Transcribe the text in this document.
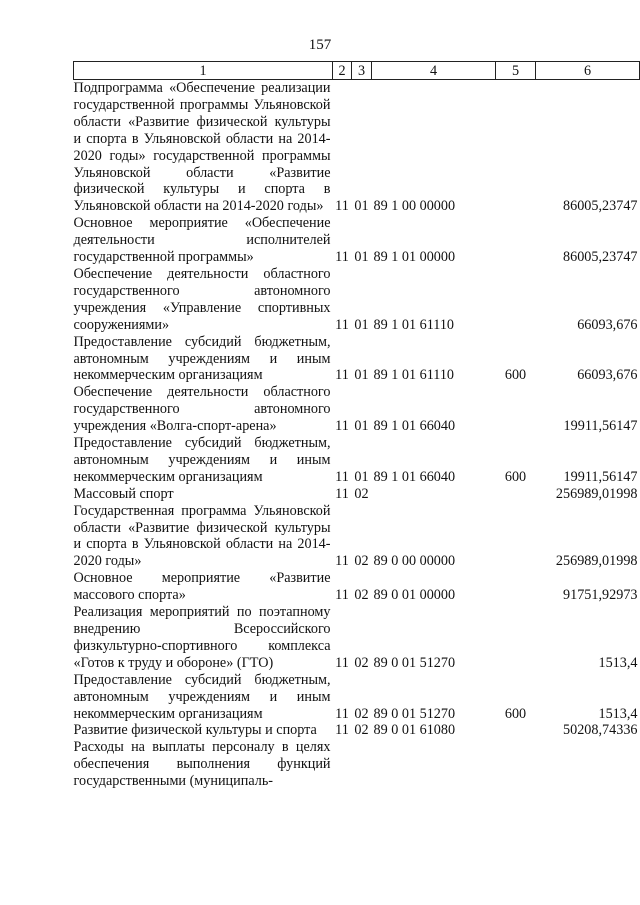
157
1	2	3	4	5	6
Подпрограмма «Обеспечение реализации государственной программы Ульяновской области «Развитие физической культуры и спорта в Ульяновской области на 2014-2020 годы» государственной программы Ульяновской области «Развитие физической культуры и спорта в Ульяновской области на 2014-2020 годы»	11	01	89 1 00 00000		86005,23747
Основное мероприятие «Обеспечение деятельности исполнителей государственной программы»	11	01	89 1 01 00000		86005,23747
Обеспечение деятельности областного государственного автономного учреждения «Управление спортивных сооружениями»	11	01	89 1 01 61110		66093,676
Предоставление субсидий бюджетным, автономным учреждениям и иным некоммерческим организациям	11	01	89 1 01 61110	600	66093,676
Обеспечение деятельности областного государственного автономного учреждения «Волга-спорт-арена»	11	01	89 1 01 66040		19911,56147
Предоставление субсидий бюджетным, автономным учреждениям и иным некоммерческим организациям	11	01	89 1 01 66040	600	19911,56147
Массовый спорт	11	02			256989,01998
Государственная программа Ульяновской области «Развитие физической культуры и спорта в Ульяновской области на 2014-2020 годы»	11	02	89 0 00 00000		256989,01998
Основное мероприятие «Развитие массового спорта»	11	02	89 0 01 00000		91751,92973
Реализация мероприятий по поэтапному внедрению Всероссийского физкультурно-спортивного комплекса «Готов к труду и обороне» (ГТО)	11	02	89 0 01 51270		1513,4
Предоставление субсидий бюджетным, автономным учреждениям и иным некоммерческим организациям	11	02	89 0 01 51270	600	1513,4
Развитие физической культуры и спорта	11	02	89 0 01 61080		50208,74336
Расходы на выплаты персоналу в целях обеспечения выполнения функций государственными (муниципаль-					
